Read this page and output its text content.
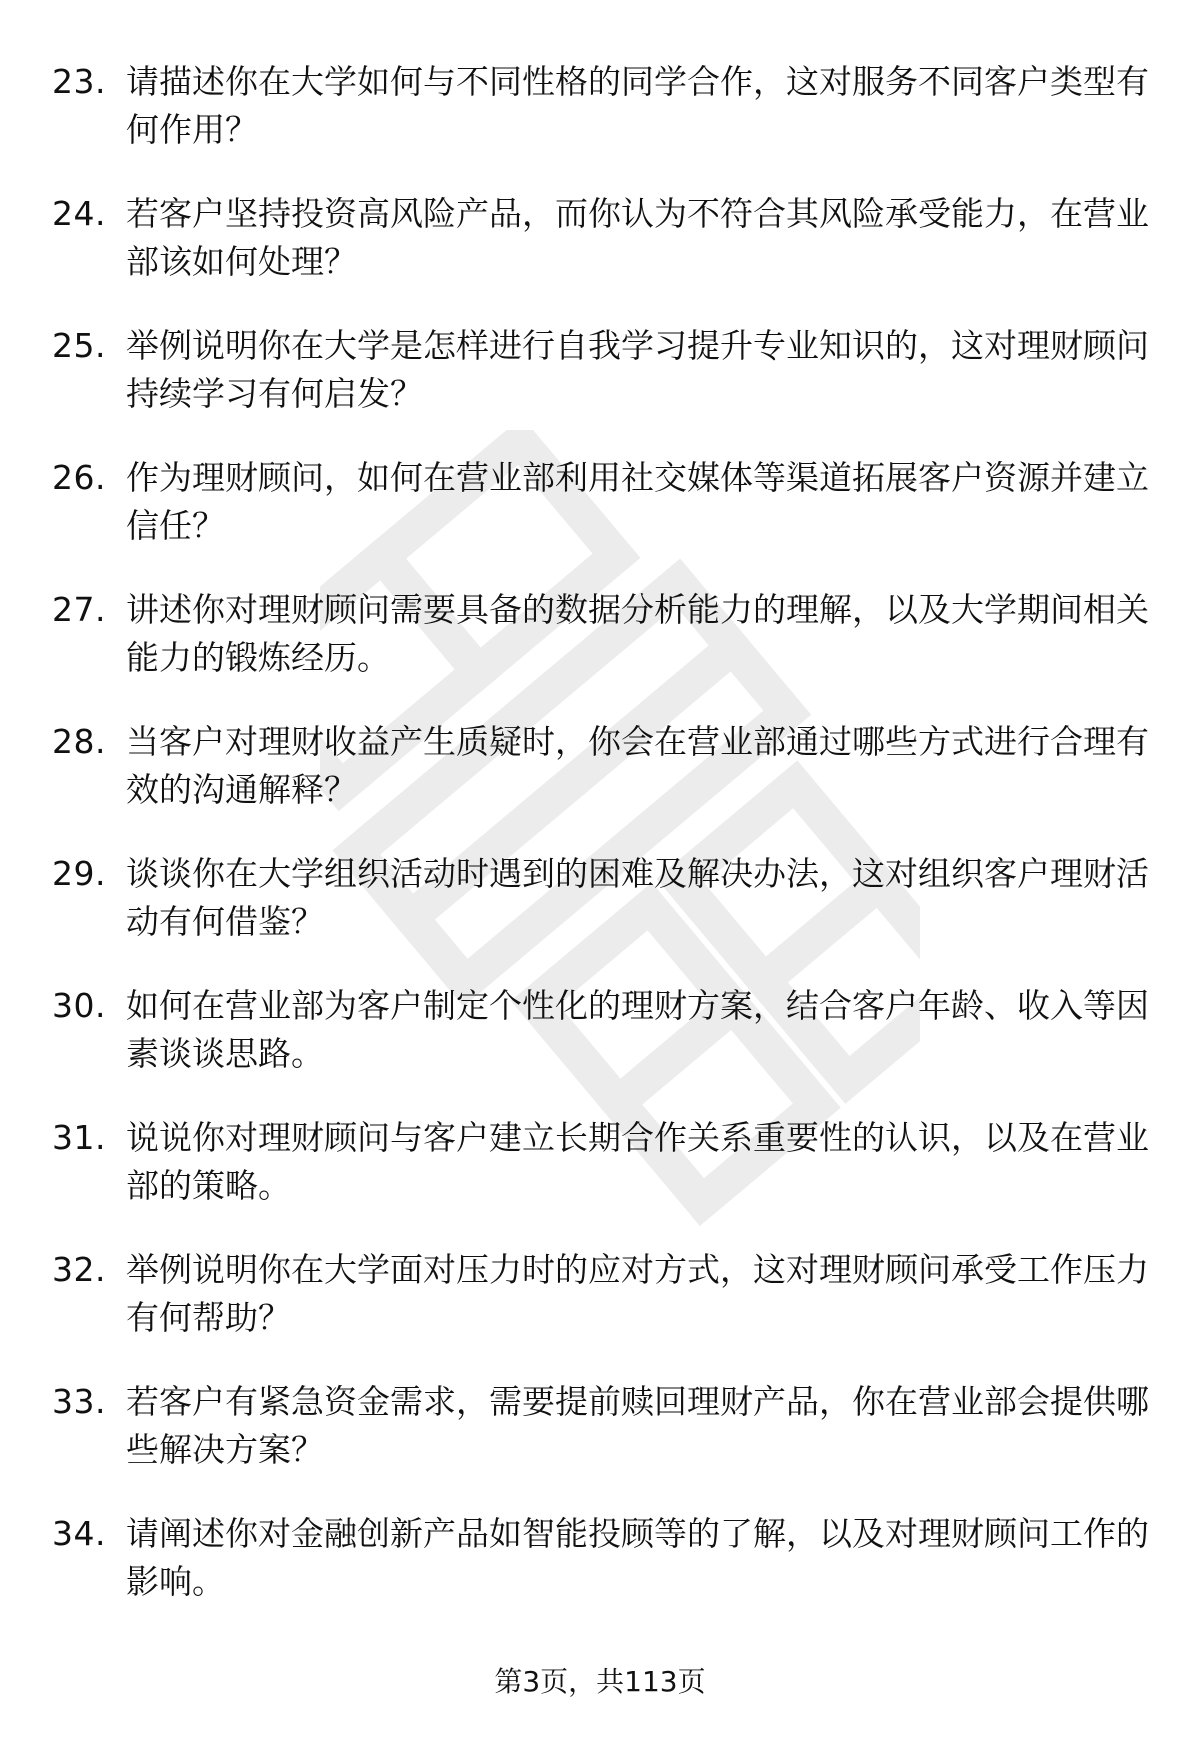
23. 请描述你在大学如何与不同性格的同学合作，这对服务不同客户类型有何作用？
24. 若客户坚持投资高风险产品，而你认为不符合其风险承受能力，在营业部该如何处理？
25. 举例说明你在大学是怎样进行自我学习提升专业知识的，这对理财顾问持续学习有何启发？
26. 作为理财顾问，如何在营业部利用社交媒体等渠道拓展客户资源并建立信任？
27. 讲述你对理财顾问需要具备的数据分析能力的理解，以及大学期间相关能力的锻炼经历。
28. 当客户对理财收益产生质疑时，你会在营业部通过哪些方式进行合理有效的沟通解释？
29. 谈谈你在大学组织活动时遇到的困难及解决办法，这对组织客户理财活动有何借鉴？
30. 如何在营业部为客户制定个性化的理财方案，结合客户年龄、收入等因素谈谈思路。
31. 说说你对理财顾问与客户建立长期合作关系重要性的认识，以及在营业部的策略。
32. 举例说明你在大学面对压力时的应对方式，这对理财顾问承受工作压力有何帮助？
33. 若客户有紧急资金需求，需要提前赎回理财产品，你在营业部会提供哪些解决方案？
34. 请阐述你对金融创新产品如智能投顾等的了解，以及对理财顾问工作的影响。
第3页，共113页
